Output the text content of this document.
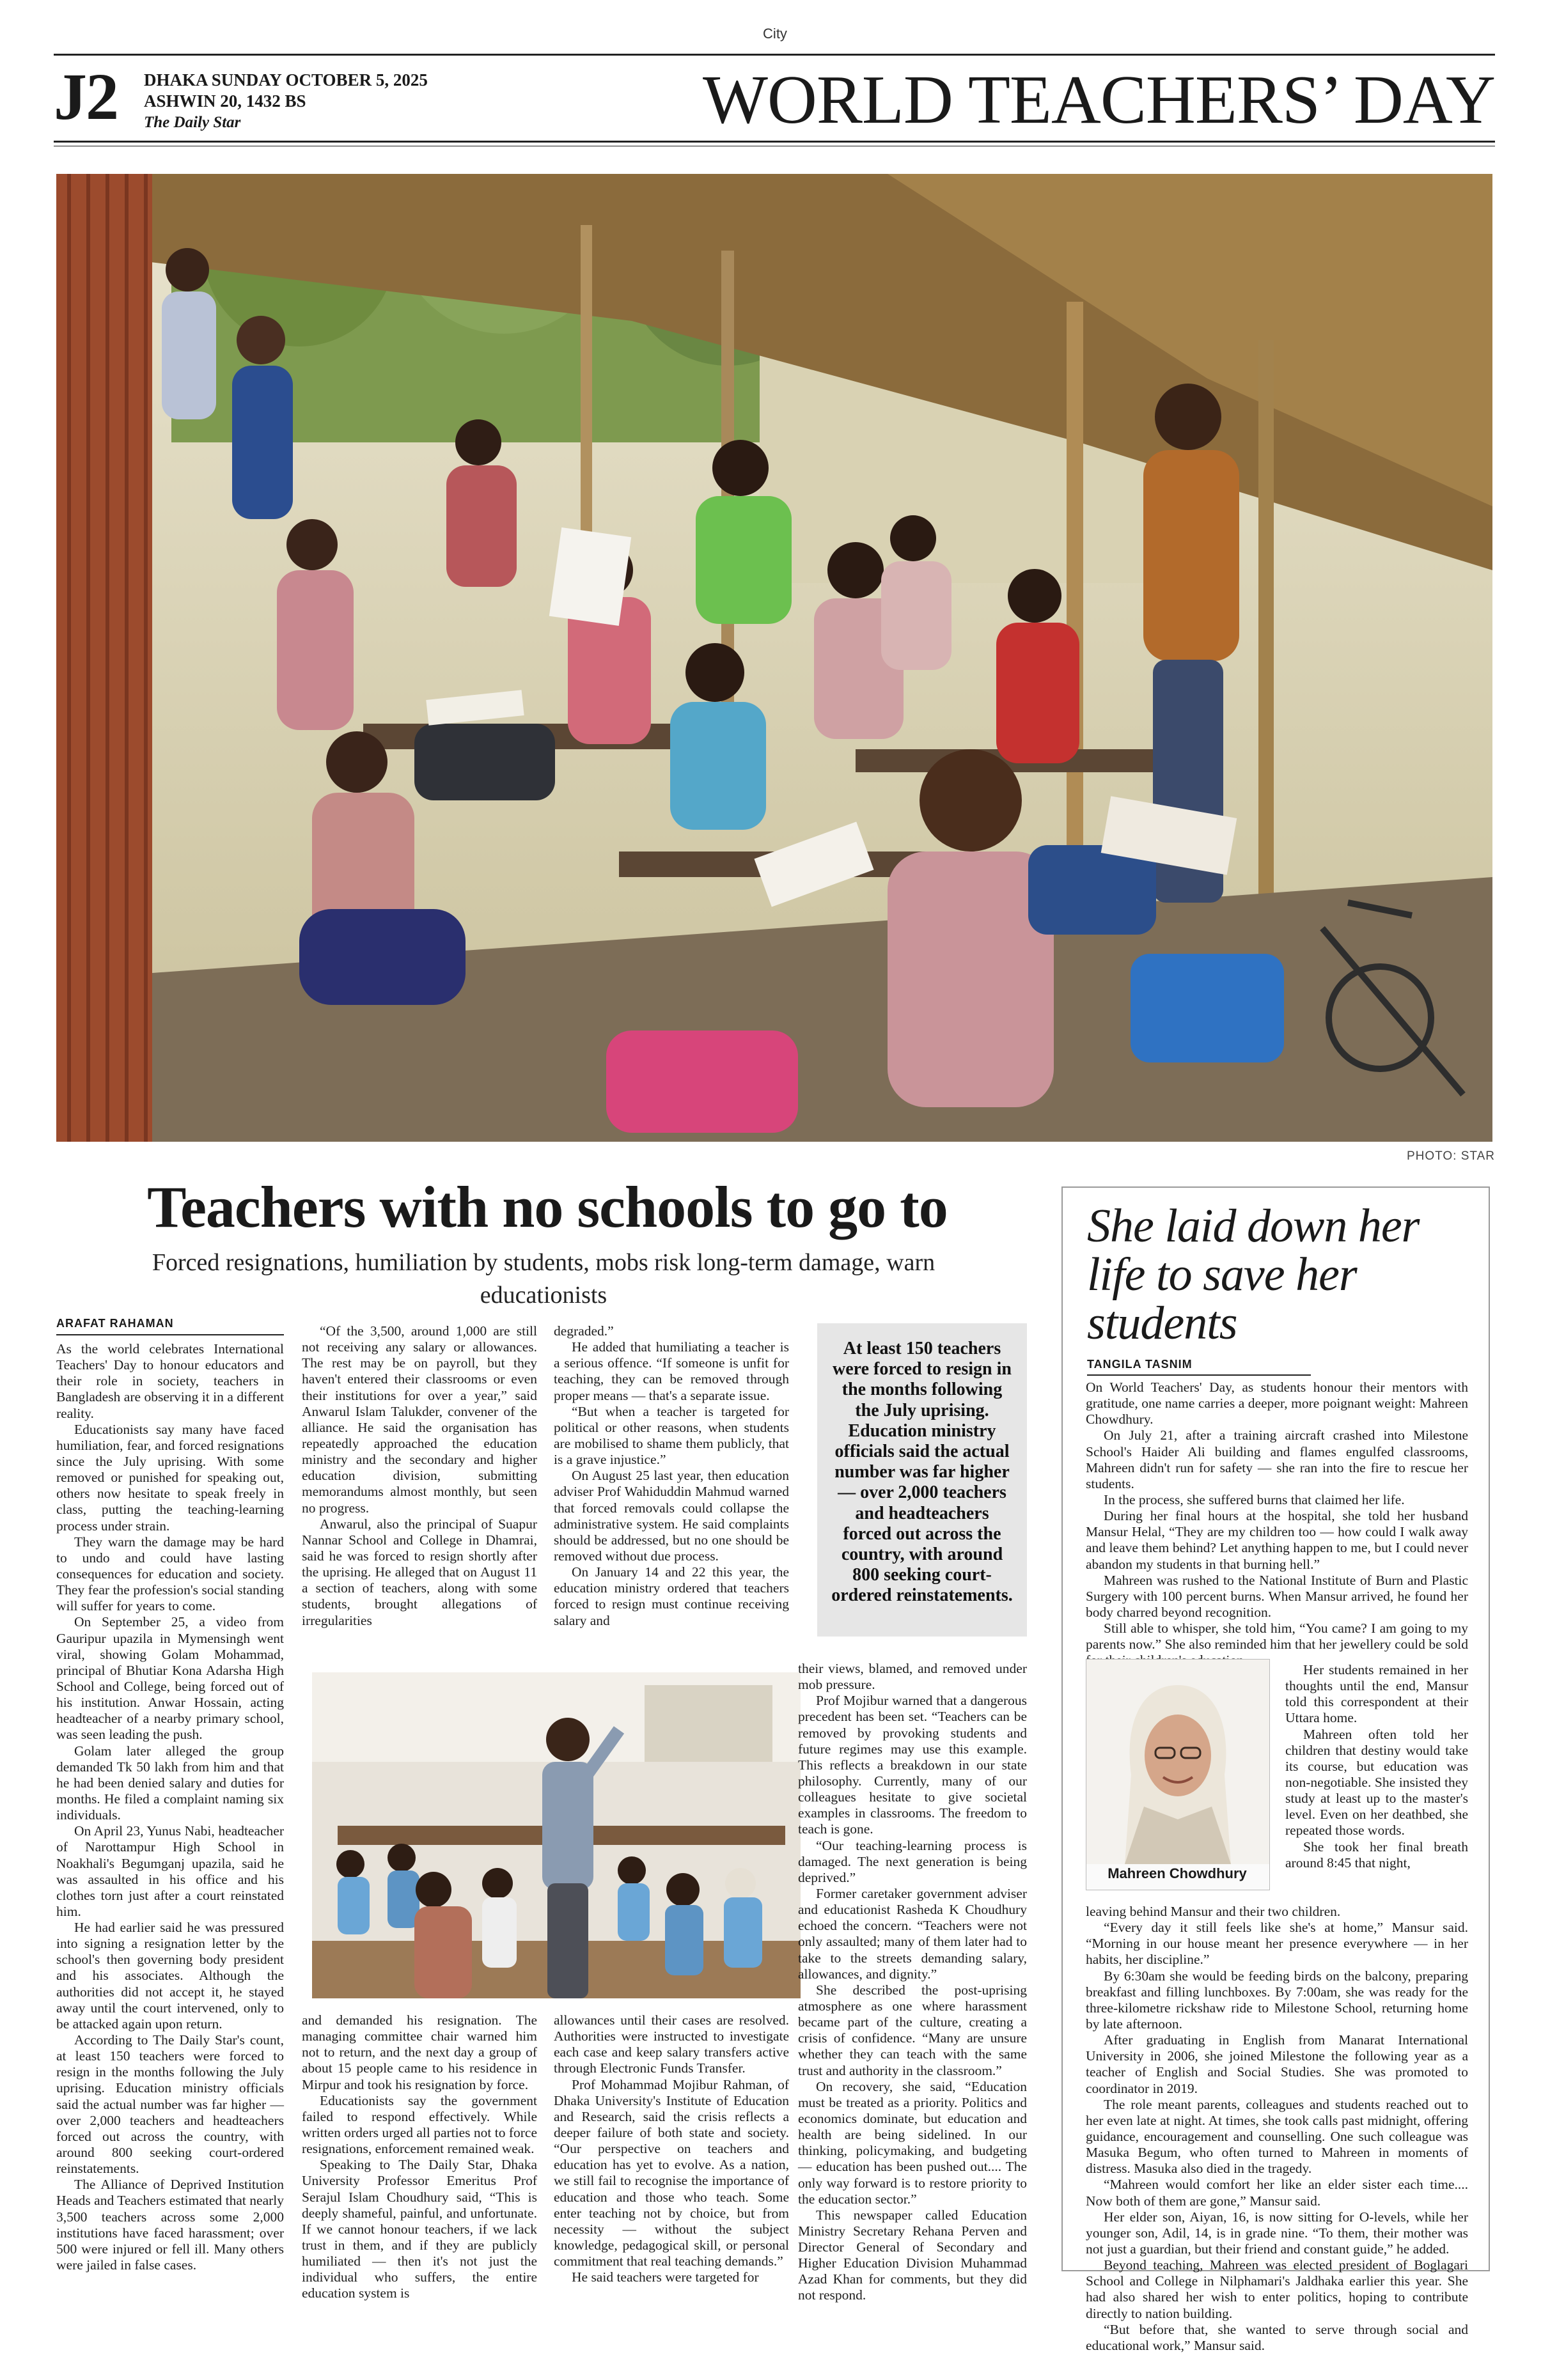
City
J2 DHAKA SUNDAY OCTOBER 5, 2025
ASHWIN 20, 1432 BS
The Daily Star	WORLD TEACHERS’ DAY
PHOTO: STAR
Teachers with no schools to go to
Forced resignations, humiliation by students, mobs risk long-term damage, warn educationists
ARAFAT RAHAMAN

As the world celebrates International Teachers' Day to honour educators and their role in society, teachers in Bangladesh are observing it in a different reality.

Educationists say many have faced humiliation, fear, and forced resignations since the July uprising. With some removed or punished for speaking out, others now hesitate to speak freely in class, putting the teaching-learning process under strain.

They warn the damage may be hard to undo and could have lasting consequences for education and society. They fear the profession's social standing will suffer for years to come.

On September 25, a video from Gauripur upazila in Mymensingh went viral, showing Golam Mohammad, principal of Bhutiar Kona Adarsha High School and College, being forced out of his institution. Anwar Hossain, acting headteacher of a nearby primary school, was seen leading the push.

Golam later alleged the group demanded Tk 50 lakh from him and that he had been denied salary and duties for months. He filed a complaint naming six individuals.

On April 23, Yunus Nabi, headteacher of Narottampur High School in Noakhali's Begumganj upazila, said he was assaulted in his office and his clothes torn just after a court reinstated him.

He had earlier said he was pressured into signing a resignation letter by the school's then governing body president and his associates. Although the authorities did not accept it, he stayed away until the court intervened, only to be attacked again upon return.

According to The Daily Star's count, at least 150 teachers were forced to resign in the months following the July uprising. Education ministry officials said the actual number was far higher — over 2,000 teachers and headteachers forced out across the country, with around 800 seeking court-ordered reinstatements.

The Alliance of Deprived Institution Heads and Teachers estimated that nearly 3,500 teachers across some 2,000 institutions have faced harassment; over 500 were injured or fell ill. Many others were jailed in false cases.

“Of the 3,500, around 1,000 are still not receiving any salary or allowances. The rest may be on payroll, but they haven't entered their classrooms or even their institutions for over a year,” said Anwarul Islam Talukder, convener of the alliance. He said the organisation has repeatedly approached the education ministry and the secondary and higher education division, submitting memorandums almost monthly, but seen no progress.

Anwarul, also the principal of Suapur Nannar School and College in Dhamrai, said he was forced to resign shortly after the uprising. He alleged that on August 11 a section of teachers, along with some students, brought allegations of irregularities

degraded.”

He added that humiliating a teacher is a serious offence. “If someone is unfit for teaching, they can be removed through proper means — that's a separate issue.

“But when a teacher is targeted for political or other reasons, when students are mobilised to shame them publicly, that is a grave injustice.”

On August 25 last year, then education adviser Prof Wahiduddin Mahmud warned that forced removals could collapse the administrative system. He said complaints should be addressed, but no one should be removed without due process.

On January 14 and 22 this year, the education ministry ordered that teachers forced to resign must continue receiving salary and

At least 150 teachers were forced to resign in the months following the July uprising. Education ministry officials said the actual number was far higher — over 2,000 teachers and headteachers forced out across the country, with around 800 seeking court-ordered reinstatements.

and demanded his resignation. The managing committee chair warned him not to return, and the next day a group of about 15 people came to his residence in Mirpur and took his resignation by force.

Educationists say the government failed to respond effectively. While written orders urged all parties not to force resignations, enforcement remained weak.

Speaking to The Daily Star, Dhaka University Professor Emeritus Prof Serajul Islam Choudhury said, “This is deeply shameful, painful, and unfortunate. If we cannot honour teachers, if we lack trust in them, and if they are publicly humiliated — then it's not just the individual who suffers, the entire education system is

allowances until their cases are resolved. Authorities were instructed to investigate each case and keep salary transfers active through Electronic Funds Transfer.

Prof Mohammad Mojibur Rahman, of Dhaka University's Institute of Education and Research, said the crisis reflects a deeper failure of both state and society. “Our perspective on teachers and education has yet to evolve. As a nation, we still fail to recognise the importance of education and those who teach. Some enter teaching not by choice, but from necessity — without the subject knowledge, pedagogical skill, or personal commitment that real teaching demands.”

He said teachers were targeted for

their views, blamed, and removed under mob pressure.

Prof Mojibur warned that a dangerous precedent has been set. “Teachers can be removed by provoking students and future regimes may use this example. This reflects a breakdown in our state philosophy. Currently, many of our colleagues hesitate to give societal examples in classrooms. The freedom to teach is gone.

“Our teaching-learning process is damaged. The next generation is being deprived.”

Former caretaker government adviser and educationist Rasheda K Choudhury echoed the concern. “Teachers were not only assaulted; many of them later had to take to the streets demanding salary, allowances, and dignity.”

She described the post-uprising atmosphere as one where harassment became part of the culture, creating a crisis of confidence. “Many are unsure whether they can teach with the same trust and authority in the classroom.”

On recovery, she said, “Education must be treated as a priority. Politics and economics dominate, but education and health are being sidelined. In our thinking, policymaking, and budgeting — education has been pushed out.... The only way forward is to restore priority to the education sector.”

This newspaper called Education Ministry Secretary Rehana Perven and Director General of Secondary and Higher Education Division Muhammad Azad Khan for comments, but they did not respond.

She laid down her life to save her students
TANGILA TASNIM

On World Teachers' Day, as students honour their mentors with gratitude, one name carries a deeper, more poignant weight: Mahreen Chowdhury.

On July 21, after a training aircraft crashed into Milestone School's Haider Ali building and flames engulfed classrooms, Mahreen didn't run for safety — she ran into the fire to rescue her students.

In the process, she suffered burns that claimed her life.

During her final hours at the hospital, she told her husband Mansur Helal, “They are my children too — how could I walk away and leave them behind? Let anything happen to me, but I could never abandon my students in that burning hell.”

Mahreen was rushed to the National Institute of Burn and Plastic Surgery with 100 percent burns. When Mansur arrived, he found her body charred beyond recognition.

Still able to whisper, she told him, “You came? I am going to my parents now.” She also reminded him that her jewellery could be sold

Mahreen Chowdhury

Her students remained in her thoughts until the end, Mansur told this correspondent at their Uttara home.

Mahreen often told her children that destiny would take its course, but education was non-negotiable. She insisted they study at least up to the master's level. Even on her deathbed, she repeated those words.

She took her final breath around 8:45 that night,

leaving behind Mansur and their two children.

“Every day it still feels like she's at home,” Mansur said. “Morning in our house meant her presence everywhere — in her habits, her discipline.”

By 6:30am she would be feeding birds on the balcony, preparing breakfast and filling lunchboxes. By 7:00am, she was ready for the three-kilometre rickshaw ride to Milestone School, returning home by late afternoon.

After graduating in English from Manarat International University in 2006, she joined Milestone the following year as a teacher of English and Social Studies. She was promoted to coordinator in 2019.

The role meant parents, colleagues and students reached out to her even late at night. At times, she took calls past midnight, offering guidance, encouragement and counselling. One such colleague was Masuka Begum, who often turned to Mahreen in moments of distress. Masuka also died in the tragedy.

“Mahreen would comfort her like an elder sister each time.... Now both of them are gone,” Mansur said.

Her elder son, Aiyan, 16, is now sitting for O-levels, while her younger son, Adil, 14, is in grade nine. “To them, their mother was not just a guardian, but their friend and constant guide,” he added.

Beyond teaching, Mahreen was elected president of Boglagari School and College in Nilphamari's Jaldhaka earlier this year. She had also shared her wish to enter politics, hoping to contribute directly to nation building.

“But before that, she wanted to serve through social and educational work,” Mansur said.
